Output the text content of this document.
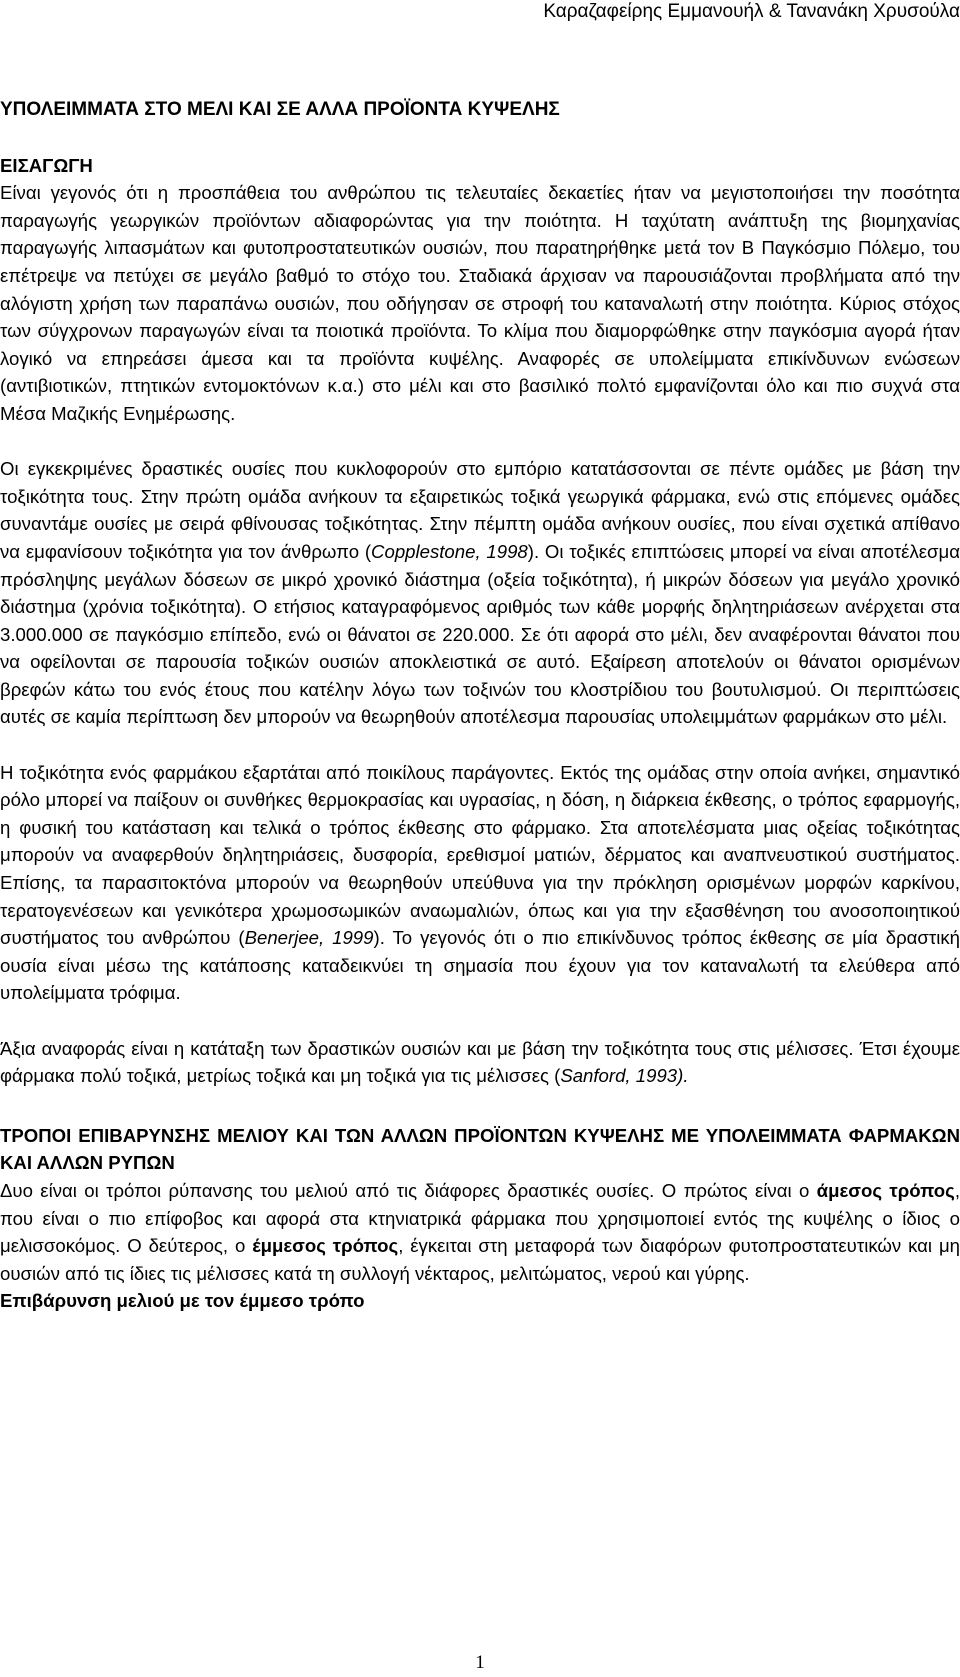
Καραζαφείρης Εμμανουήλ & Τανανάκη Χρυσούλα
ΥΠΟΛΕΙΜΜΑΤΑ ΣΤΟ ΜΕΛΙ ΚΑΙ ΣΕ ΑΛΛΑ ΠΡΟΪΟΝΤΑ ΚΥΨΕΛΗΣ
ΕΙΣΑΓΩΓΗ

Είναι γεγονός ότι η προσπάθεια του ανθρώπου τις τελευταίες δεκαετίες ήταν να μεγιστοποιήσει την ποσότητα παραγωγής γεωργικών προϊόντων αδιαφορώντας για την ποιότητα. Η ταχύτατη ανάπτυξη της βιομηχανίας παραγωγής λιπασμάτων και φυτοπροστατευτικών ουσιών, που παρατηρήθηκε μετά τον Β Παγκόσμιο Πόλεμο, του επέτρεψε να πετύχει σε μεγάλο βαθμό το στόχο του. Σταδιακά άρχισαν να παρουσιάζονται προβλήματα από την αλόγιστη χρήση των παραπάνω ουσιών, που οδήγησαν σε στροφή του καταναλωτή στην ποιότητα. Κύριος στόχος των σύγχρονων παραγωγών είναι τα ποιοτικά προϊόντα. Το κλίμα που διαμορφώθηκε στην παγκόσμια αγορά ήταν λογικό να επηρεάσει άμεσα και τα προϊόντα κυψέλης. Αναφορές σε υπολείμματα επικίνδυνων ενώσεων (αντιβιοτικών, πτητικών εντομοκτόνων κ.α.) στο μέλι και στο βασιλικό πολτό εμφανίζονται όλο και πιο συχνά στα Μέσα Μαζικής Ενημέρωσης.

Οι εγκεκριμένες δραστικές ουσίες που κυκλοφορούν στο εμπόριο κατατάσσονται σε πέντε ομάδες με βάση την τοξικότητα τους. Στην πρώτη ομάδα ανήκουν τα εξαιρετικώς τοξικά γεωργικά φάρμακα, ενώ στις επόμενες ομάδες συναντάμε ουσίες με σειρά φθίνουσας τοξικότητας. Στην πέμπτη ομάδα ανήκουν ουσίες, που είναι σχετικά απίθανο να εμφανίσουν τοξικότητα για τον άνθρωπο (Copplestone, 1998). Οι τοξικές επιπτώσεις μπορεί να είναι αποτέλεσμα πρόσληψης μεγάλων δόσεων σε μικρό χρονικό διάστημα (οξεία τοξικότητα), ή μικρών δόσεων για μεγάλο χρονικό διάστημα (χρόνια τοξικότητα). Ο ετήσιος καταγραφόμενος αριθμός των κάθε μορφής δηλητηριάσεων ανέρχεται στα 3.000.000 σε παγκόσμιο επίπεδο, ενώ οι θάνατοι σε 220.000. Σε ότι αφορά στο μέλι, δεν αναφέρονται θάνατοι που να οφείλονται σε παρουσία τοξικών ουσιών αποκλειστικά σε αυτό. Εξαίρεση αποτελούν οι θάνατοι ορισμένων βρεφών κάτω του ενός έτους που κατέλην λόγω των τοξινών του κλοστρίδιου του βουτυλισμού. Οι περιπτώσεις αυτές σε καμία περίπτωση δεν μπορούν να θεωρηθούν αποτέλεσμα παρουσίας υπολειμμάτων φαρμάκων στο μέλι.

Η τοξικότητα ενός φαρμάκου εξαρτάται από ποικίλους παράγοντες. Εκτός της ομάδας στην οποία ανήκει, σημαντικό ρόλο μπορεί να παίξουν οι συνθήκες θερμοκρασίας και υγρασίας, η δόση, η διάρκεια έκθεσης, ο τρόπος εφαρμογής, η φυσική του κατάσταση και τελικά ο τρόπος έκθεσης στο φάρμακο. Στα αποτελέσματα μιας οξείας τοξικότητας μπορούν να αναφερθούν δηλητηριάσεις, δυσφορία, ερεθισμοί ματιών, δέρματος και αναπνευστικού συστήματος. Επίσης, τα παρασιτοκτόνα μπορούν να θεωρηθούν υπεύθυνα για την πρόκληση ορισμένων μορφών καρκίνου, τερατογενέσεων και γενικότερα χρωμοσωμικών αναωμαλιών, όπως και για την εξασθένηση του ανοσοποιητικού συστήματος του ανθρώπου (Benerjee, 1999). Το γεγονός ότι ο πιο επικίνδυνος τρόπος έκθεσης σε μία δραστική ουσία είναι μέσω της κατάποσης καταδεικνύει τη σημασία που έχουν για τον καταναλωτή τα ελεύθερα από υπολείμματα τρόφιμα.

Άξια αναφοράς είναι η κατάταξη των δραστικών ουσιών και με βάση την τοξικότητα τους στις μέλισσες. Έτσι έχουμε φάρμακα πολύ τοξικά, μετρίως τοξικά και μη τοξικά για τις μέλισσες (Sanford, 1993).

ΤΡΟΠΟΙ ΕΠΙΒΑΡΥΝΣΗΣ ΜΕΛΙΟΥ ΚΑΙ ΤΩΝ ΑΛΛΩΝ ΠΡΟΪΟΝΤΩΝ ΚΥΨΕΛΗΣ ΜΕ ΥΠΟΛΕΙΜΜΑΤΑ ΦΑΡΜΑΚΩΝ ΚΑΙ ΑΛΛΩΝ ΡΥΠΩΝ

Δυο είναι οι τρόποι ρύπανσης του μελιού από τις διάφορες δραστικές ουσίες. Ο πρώτος είναι ο άμεσος τρόπος, που είναι ο πιο επίφοβος και αφορά στα κτηνιατρικά φάρμακα που χρησιμοποιεί εντός της κυψέλης ο ίδιος ο μελισσοκόμος. Ο δεύτερος, ο έμμεσος τρόπος, έγκειται στη μεταφορά των διαφόρων φυτοπροστατευτικών και μη ουσιών από τις ίδιες τις μέλισσες κατά τη συλλογή νέκταρος, μελιτώματος, νερού και γύρης.

Επιβάρυνση μελιού με τον έμμεσο τρόπο
1
